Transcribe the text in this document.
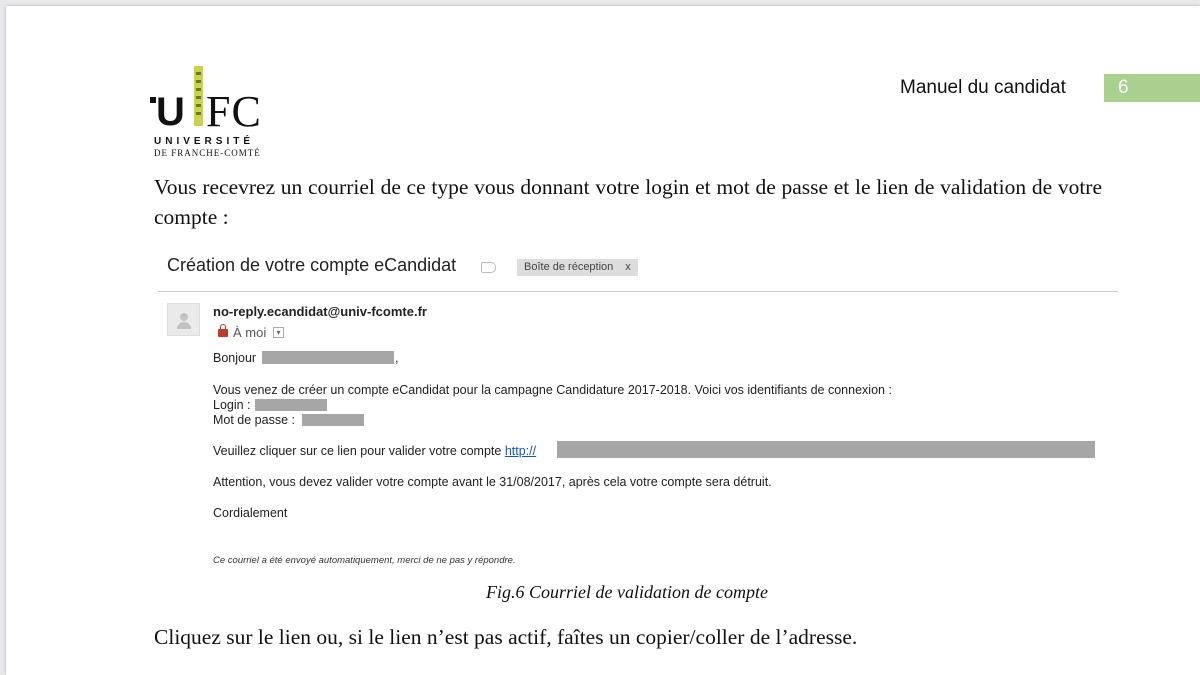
U FC
UNIVERSITÉ
DE FRANCHE-COMTÉ
Manuel du candidat	6
Vous recevrez un courriel de ce type vous donnant votre login et mot de passe et le lien de validation de votre compte :
Création de votre compte eCandidat	Boîte de réception x
no-reply.ecandidat@univ-fcomte.fr
À moi	▾
Bonjour	,
Vous venez de créer un compte eCandidat pour la campagne Candidature 2017-2018. Voici vos identifiants de connexion :
Login :
Mot de passe :
Veuillez cliquer sur ce lien pour valider votre compte http://
Attention, vous devez valider votre compte avant le 31/08/2017, après cela votre compte sera détruit.
Cordialement
Ce courriel a été envoyé automatiquement, merci de ne pas y répondre.
Fig.6 Courriel de validation de compte
Cliquez sur le lien ou, si le lien n’est pas actif, faîtes un copier/coller de l’adresse.
